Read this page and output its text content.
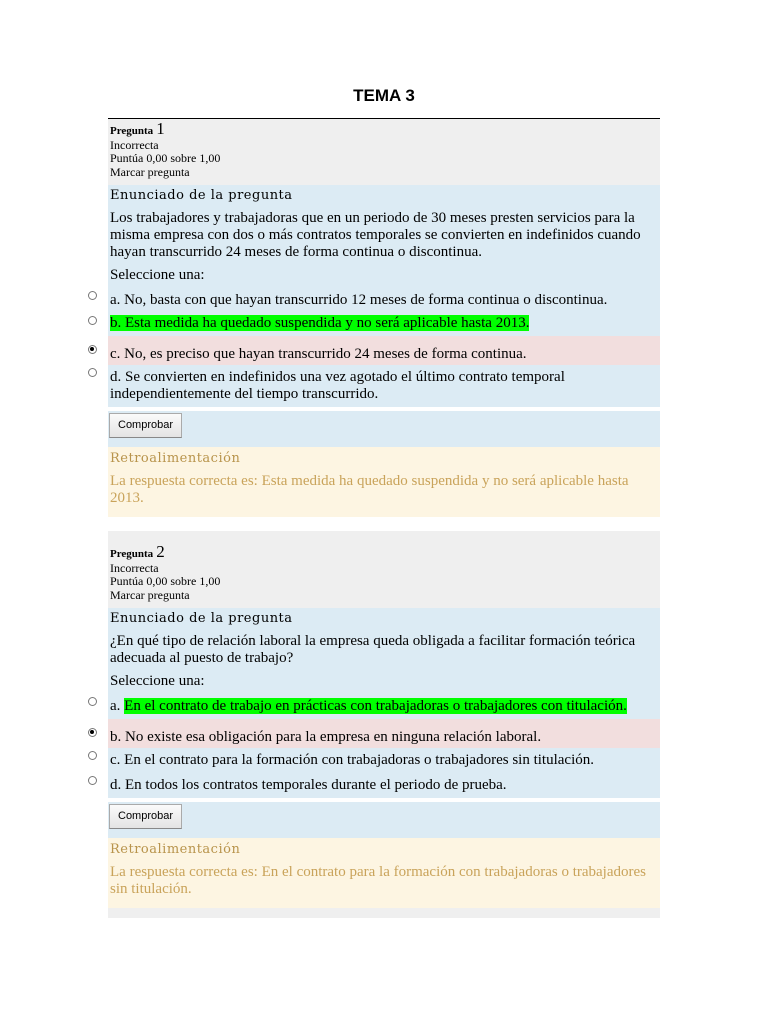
TEMA 3
Pregunta 1
Incorrecta
Puntúa 0,00 sobre 1,00
Marcar pregunta
Enunciado de la pregunta
Los trabajadores y trabajadoras que en un periodo de 30 meses presten servicios para la misma empresa con dos o más contratos temporales se convierten en indefinidos cuando hayan transcurrido 24 meses de forma continua o discontinua.
Seleccione una:
a. No, basta con que hayan transcurrido 12 meses de forma continua o discontinua.
b. Esta medida ha quedado suspendida y no será aplicable hasta 2013.
c. No, es preciso que hayan transcurrido 24 meses de forma continua.
d. Se convierten en indefinidos una vez agotado el último contrato temporal independientemente del tiempo transcurrido.
Comprobar
Retroalimentación
La respuesta correcta es: Esta medida ha quedado suspendida y no será aplicable hasta 2013.
Pregunta 2
Incorrecta
Puntúa 0,00 sobre 1,00
Marcar pregunta
Enunciado de la pregunta
¿En qué tipo de relación laboral la empresa queda obligada a facilitar formación teórica adecuada al puesto de trabajo?
Seleccione una:
a. En el contrato de trabajo en prácticas con trabajadoras o trabajadores con titulación.
b. No existe esa obligación para la empresa en ninguna relación laboral.
c. En el contrato para la formación con trabajadoras o trabajadores sin titulación.
d. En todos los contratos temporales durante el periodo de prueba.
Comprobar
Retroalimentación
La respuesta correcta es: En el contrato para la formación con trabajadoras o trabajadores sin titulación.
